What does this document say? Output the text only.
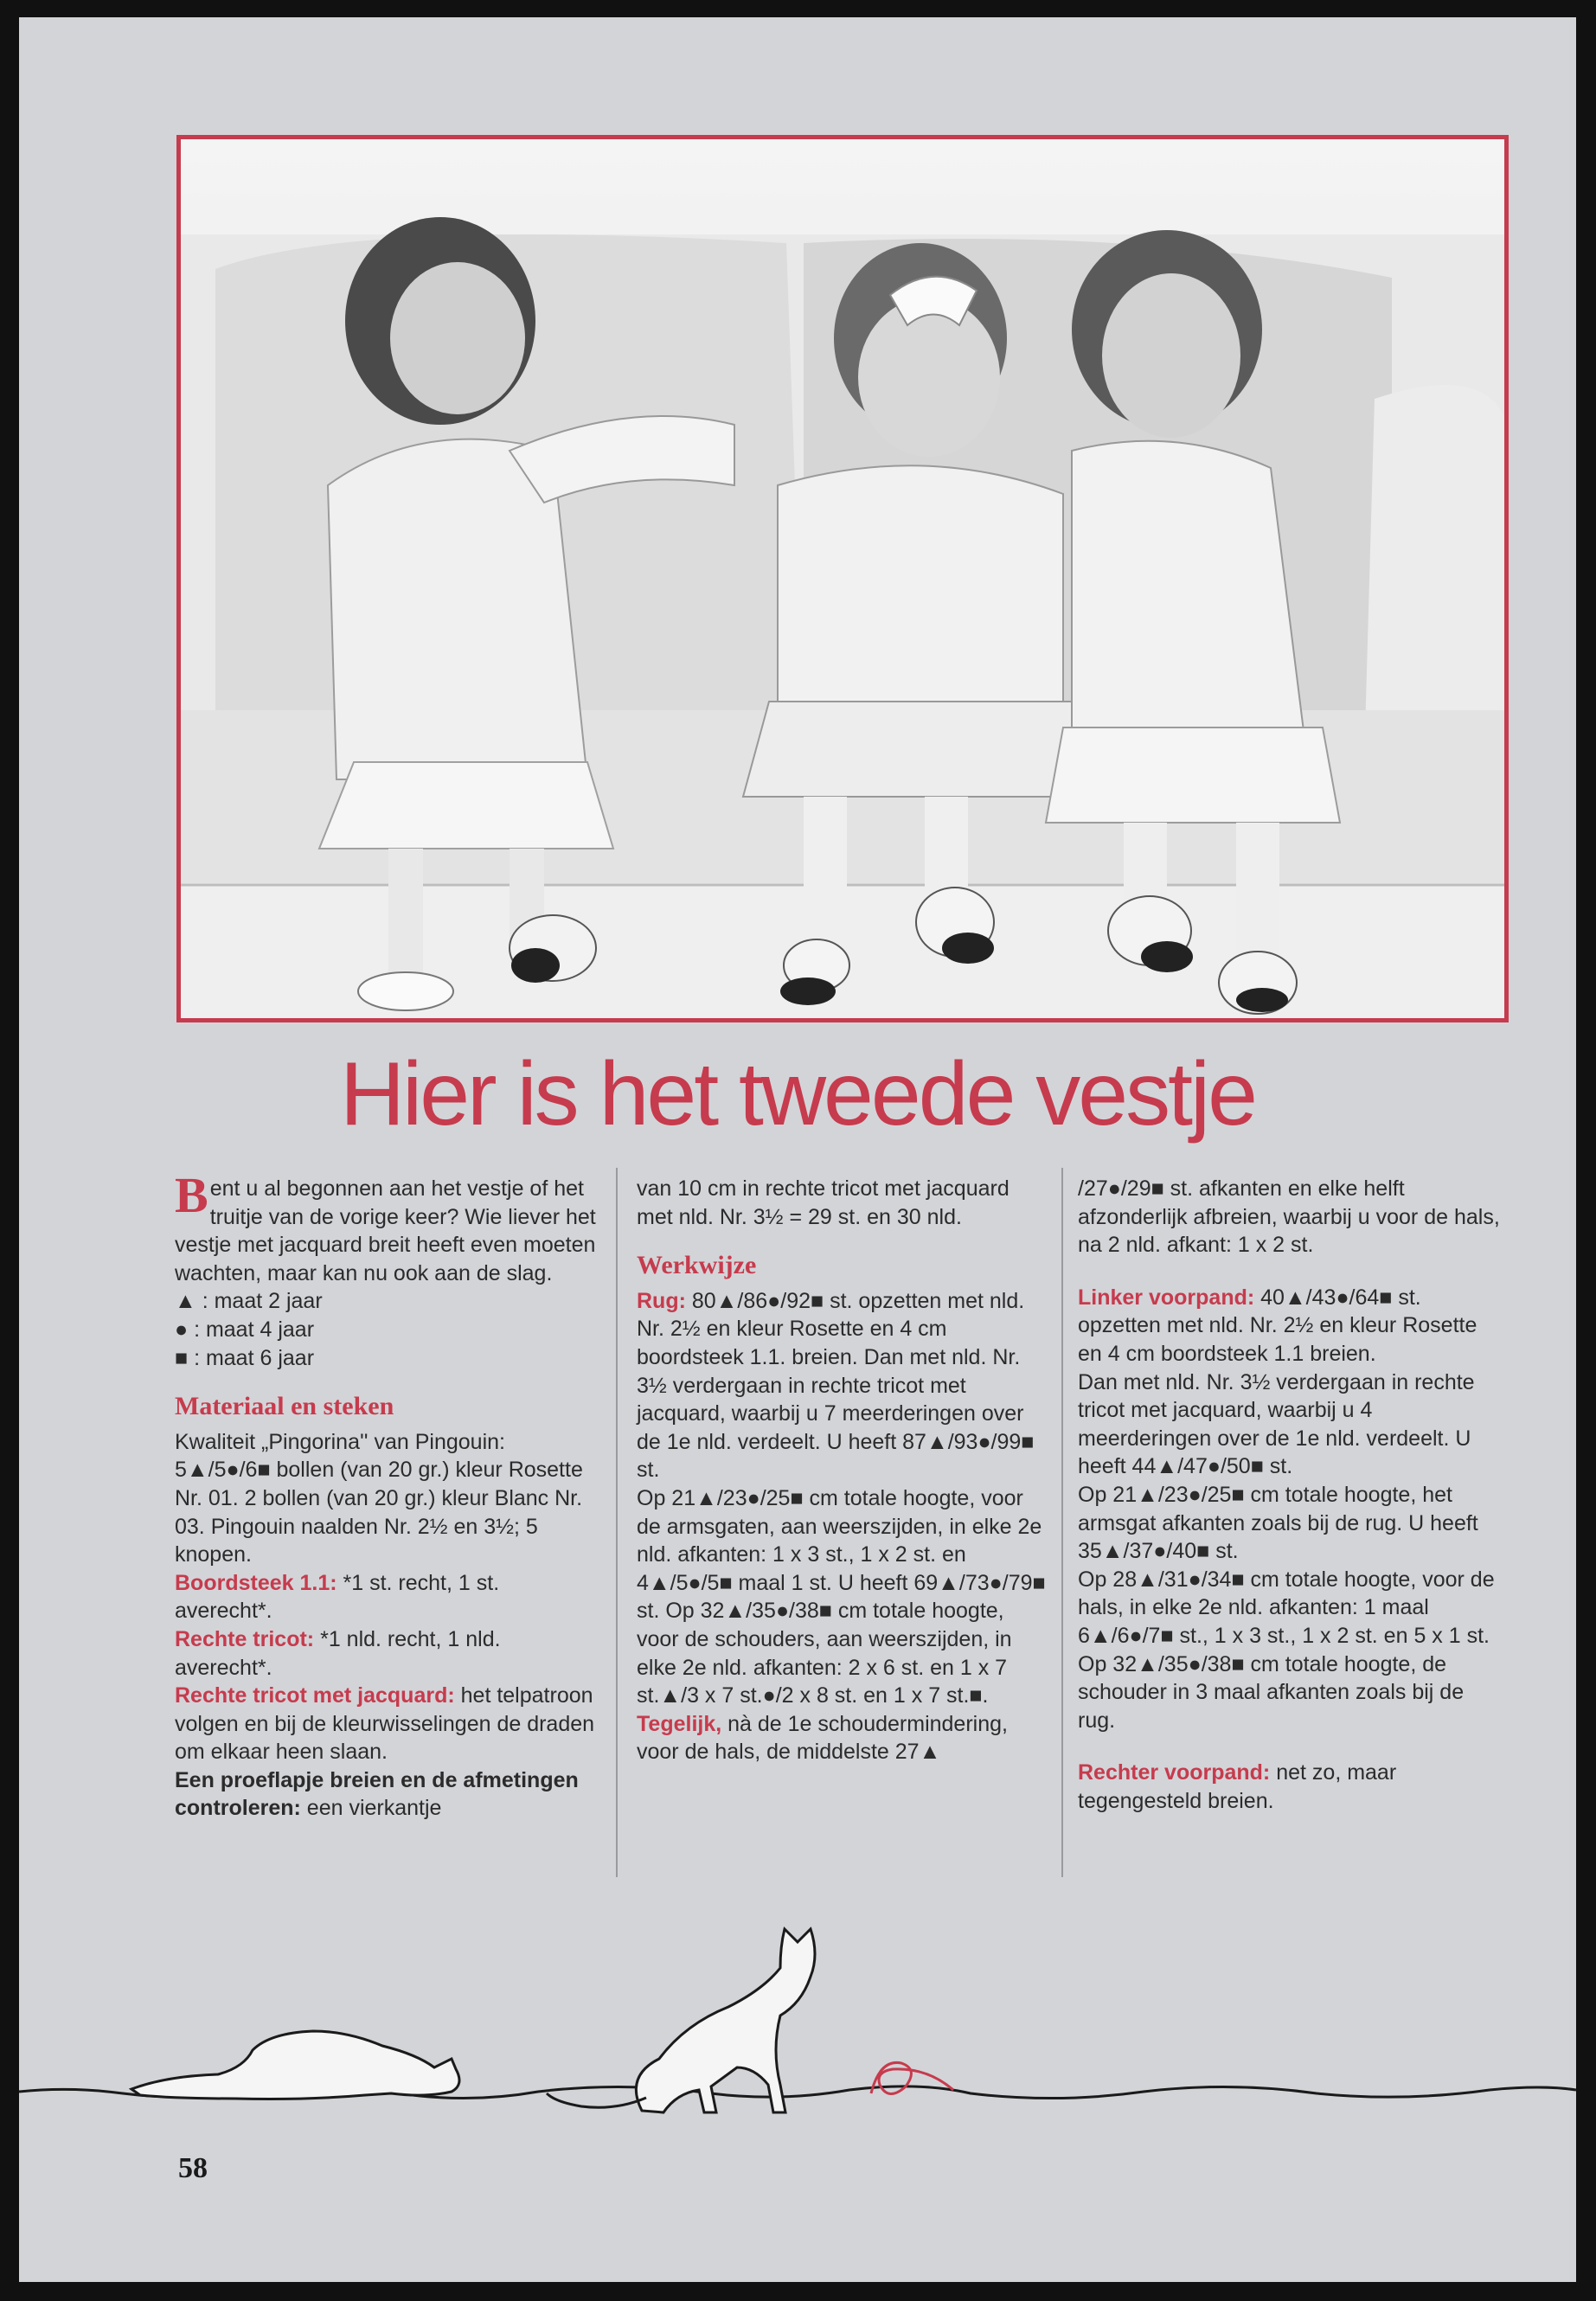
Hier is het tweede vestje

Bent u al begonnen aan het vestje of het truitje van de vorige keer? Wie liever het vestje met jacquard breit heeft even moeten wachten, maar kan nu ook aan de slag.

▲ : maat 2 jaar

● : maat 4 jaar

■ : maat 6 jaar

Materiaal en steken

Kwaliteit „Pingorina'' van Pingouin: 5▲/5●/6■ bollen (van 20 gr.) kleur Rosette Nr. 01. 2 bollen (van 20 gr.) kleur Blanc Nr. 03. Pingouin naalden Nr. 2½ en 3½; 5 knopen.

Boordsteek 1.1: *1 st. recht, 1 st. averecht*.

Rechte tricot: *1 nld. recht, 1 nld. averecht*.

Rechte tricot met jacquard: het telpatroon volgen en bij de kleurwisselingen de draden om elkaar heen slaan.

Een proeflapje breien en de afmetingen controleren: een vierkantje

van 10 cm in rechte tricot met jacquard met nld. Nr. 3½ = 29 st. en 30 nld.

Werkwijze

Rug: 80▲/86●/92■ st. opzetten met nld. Nr. 2½ en kleur Rosette en 4 cm boordsteek 1.1. breien. Dan met nld. Nr. 3½ verdergaan in rechte tricot met jacquard, waarbij u 7 meerderingen over de 1e nld. verdeelt. U heeft 87▲/93●/99■ st.

Op 21▲/23●/25■ cm totale hoogte, voor de armsgaten, aan weerszijden, in elke 2e nld. afkanten: 1 x 3 st., 1 x 2 st. en 4▲/5●/5■ maal 1 st. U heeft 69▲/73●/79■ st. Op 32▲/35●/38■ cm totale hoogte, voor de schouders, aan weerszijden, in elke 2e nld. afkanten: 2 x 6 st. en 1 x 7 st.▲/3 x 7 st.●/2 x 8 st. en 1 x 7 st.■.

Tegelijk, nà de 1e schoudermindering, voor de hals, de middelste 27▲

/27●/29■ st. afkanten en elke helft afzonderlijk afbreien, waarbij u voor de hals, na 2 nld. afkant: 1 x 2 st.

Linker voorpand: 40▲/43●/64■ st. opzetten met nld. Nr. 2½ en kleur Rosette en 4 cm boordsteek 1.1 breien.

Dan met nld. Nr. 3½ verdergaan in rechte tricot met jacquard, waarbij u 4 meerderingen over de 1e nld. verdeelt. U heeft 44▲/47●/50■ st.

Op 21▲/23●/25■ cm totale hoogte, het armsgat afkanten zoals bij de rug. U heeft 35▲/37●/40■ st.

Op 28▲/31●/34■ cm totale hoogte, voor de hals, in elke 2e nld. afkanten: 1 maal 6▲/6●/7■ st., 1 x 3 st., 1 x 2 st. en 5 x 1 st.

Op 32▲/35●/38■ cm totale hoogte, de schouder in 3 maal afkanten zoals bij de rug.

Rechter voorpand: net zo, maar tegengesteld breien.

58
